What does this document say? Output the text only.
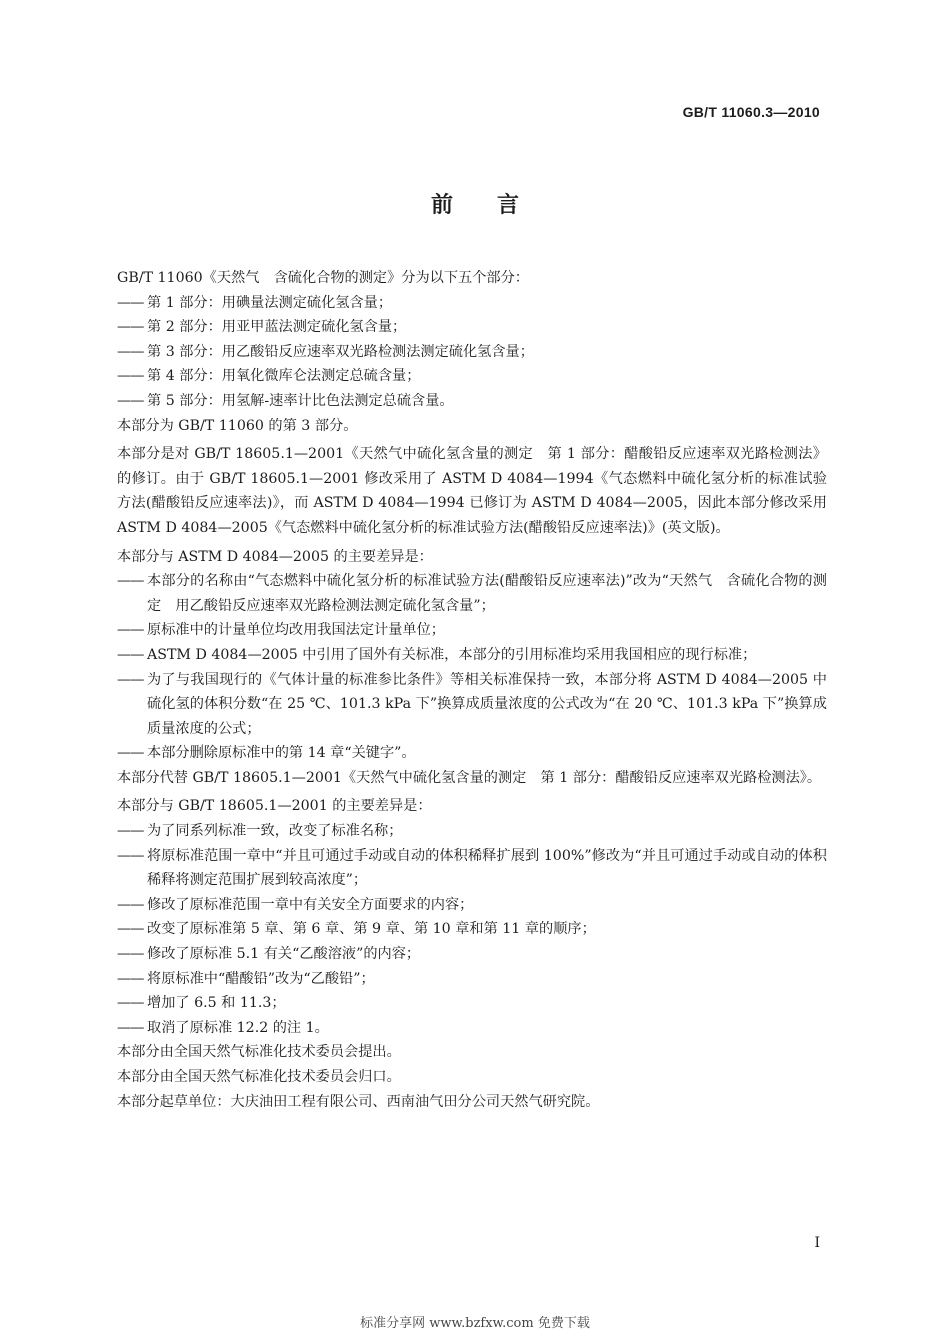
GB/T 11060.3—2010
前言

GB/T 11060《天然气　含硫化合物的测定》分为以下五个部分：

—— 第 1 部分：用碘量法测定硫化氢含量；
—— 第 2 部分：用亚甲蓝法测定硫化氢含量；
—— 第 3 部分：用乙酸铅反应速率双光路检测法测定硫化氢含量；
—— 第 4 部分：用氧化微库仑法测定总硫含量；
—— 第 5 部分：用氢解-速率计比色法测定总硫含量。

本部分为 GB/T 11060 的第 3 部分。

本部分是对 GB/T 18605.1—2001《天然气中硫化氢含量的测定　第 1 部分：醋酸铅反应速率双光路检测法》的修订。由于 GB/T 18605.1—2001 修改采用了 ASTM D 4084—1994《气态燃料中硫化氢分析的标准试验方法(醋酸铅反应速率法)》，而 ASTM D 4084—1994 已修订为 ASTM D 4084—2005，因此本部分修改采用 ASTM D 4084—2005《气态燃料中硫化氢分析的标准试验方法(醋酸铅反应速率法)》(英文版)。

本部分与 ASTM D 4084—2005 的主要差异是：

—— 本部分的名称由“气态燃料中硫化氢分析的标准试验方法(醋酸铅反应速率法)”改为“天然气　含硫化合物的测定　用乙酸铅反应速率双光路检测法测定硫化氢含量”；
—— 原标准中的计量单位均改用我国法定计量单位；
—— ASTM D 4084—2005 中引用了国外有关标准，本部分的引用标准均采用我国相应的现行标准；
—— 为了与我国现行的《气体计量的标准参比条件》等相关标准保持一致，本部分将 ASTM D 4084—2005 中硫化氢的体积分数“在 25 ℃、101.3 kPa 下”换算成质量浓度的公式改为“在 20 ℃、101.3 kPa 下”换算成质量浓度的公式；
—— 本部分删除原标准中的第 14 章“关键字”。

本部分代替 GB/T 18605.1—2001《天然气中硫化氢含量的测定　第 1 部分：醋酸铅反应速率双光路检测法》。

本部分与 GB/T 18605.1—2001 的主要差异是：

—— 为了同系列标准一致，改变了标准名称；
—— 将原标准范围一章中“并且可通过手动或自动的体积稀释扩展到 100%”修改为“并且可通过手动或自动的体积稀释将测定范围扩展到较高浓度”；
—— 修改了原标准范围一章中有关安全方面要求的内容；
—— 改变了原标准第 5 章、第 6 章、第 9 章、第 10 章和第 11 章的顺序；
—— 修改了原标准 5.1 有关“乙酸溶液”的内容；
—— 将原标准中“醋酸铅”改为“乙酸铅”；
—— 增加了 6.5 和 11.3；
—— 取消了原标准 12.2 的注 1。

本部分由全国天然气标准化技术委员会提出。

本部分由全国天然气标准化技术委员会归口。

本部分起草单位：大庆油田工程有限公司、西南油气田分公司天然气研究院。

I
标准分享网 www.bzfxw.com 免费下载
